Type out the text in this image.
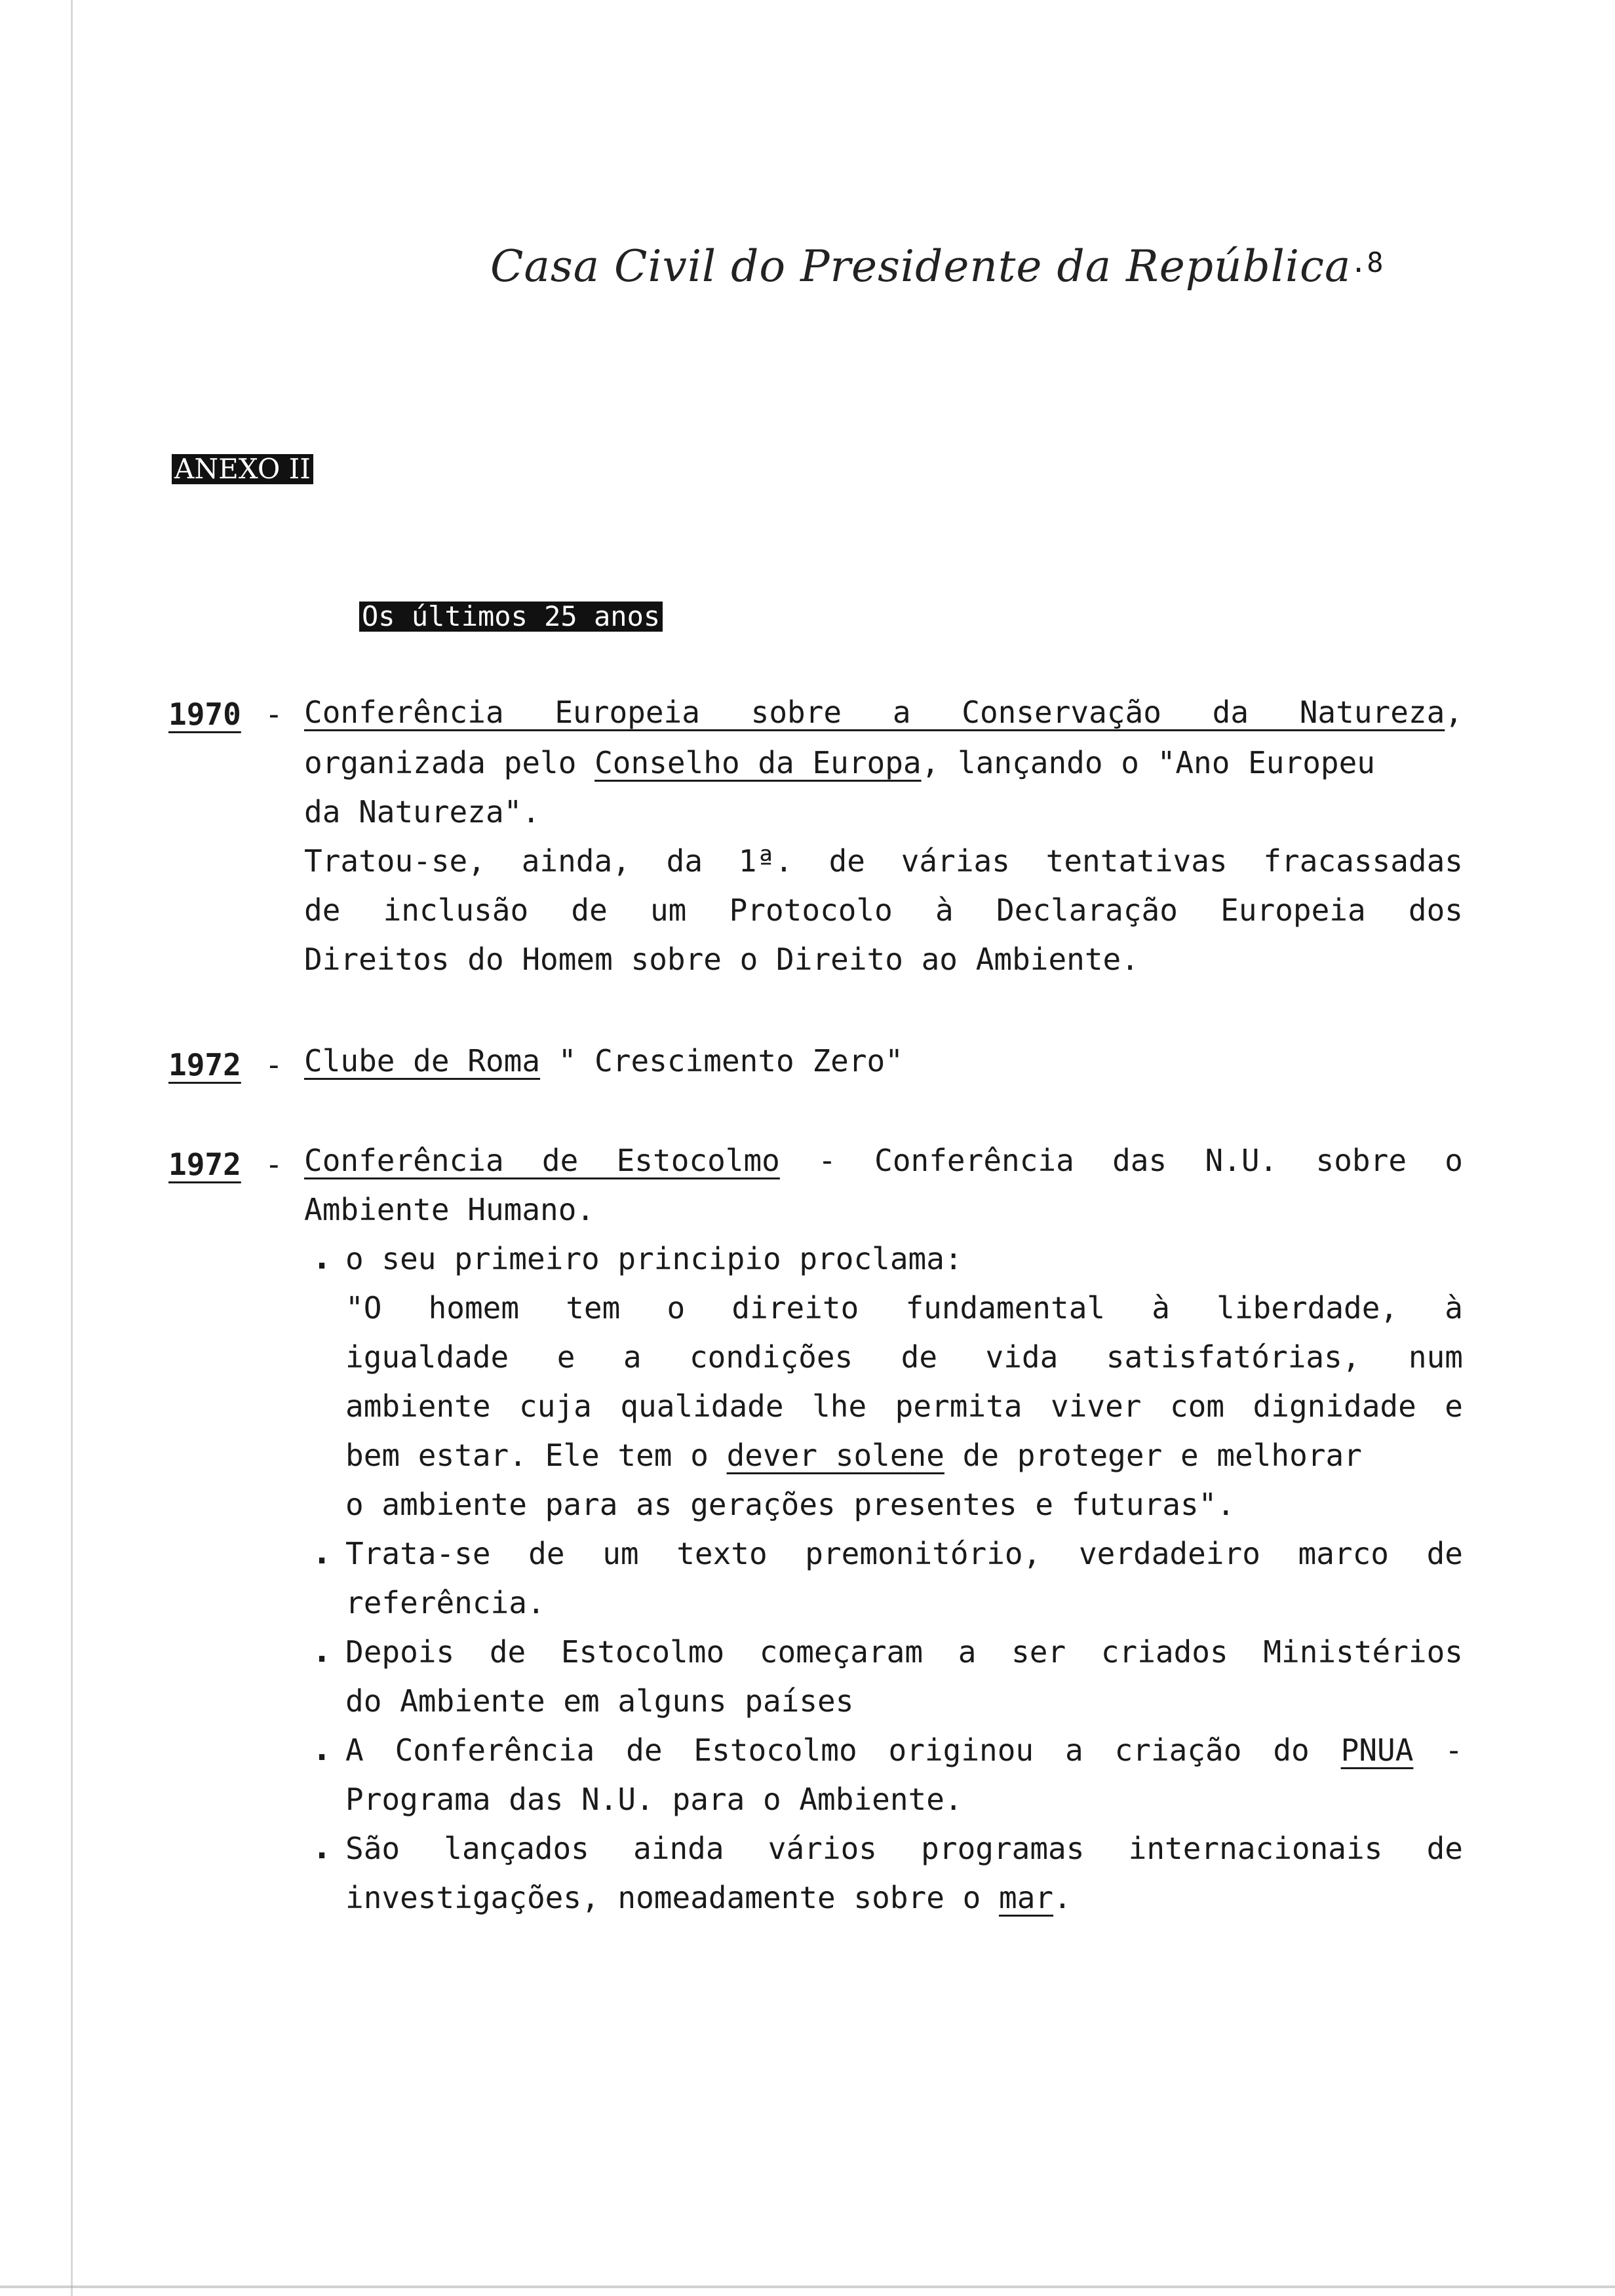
Casa Civil do Presidente da República
.8
ANEXO II
Os últimos 25 anos
1970 - Conferência Europeia sobre a Conservação da Natureza,
organizada pelo Conselho da Europa, lançando o "Ano Europeu
da Natureza".
Tratou-se, ainda, da 1ª. de várias tentativas fracassadas
de inclusão de um Protocolo à Declaração Europeia dos
Direitos do Homem sobre o Direito ao Ambiente.
1972 - Clube de Roma " Crescimento Zero"
1972 - Conferência de Estocolmo - Conferência das N.U. sobre o
Ambiente Humano.
. o seu primeiro principio proclama:
"O homem tem o direito fundamental à liberdade, à
igualdade e a condições de vida satisfatórias, num
ambiente cuja qualidade lhe permita viver com dignidade e
bem estar. Ele tem o dever solene de proteger e melhorar
o ambiente para as gerações presentes e futuras".
. Trata-se de um texto premonitório, verdadeiro marco de
referência.
. Depois de Estocolmo começaram a ser criados Ministérios
do Ambiente em alguns países
. A Conferência de Estocolmo originou a criação do PNUA -
Programa das N.U. para o Ambiente.
. São lançados ainda vários programas internacionais de
investigações, nomeadamente sobre o mar.
